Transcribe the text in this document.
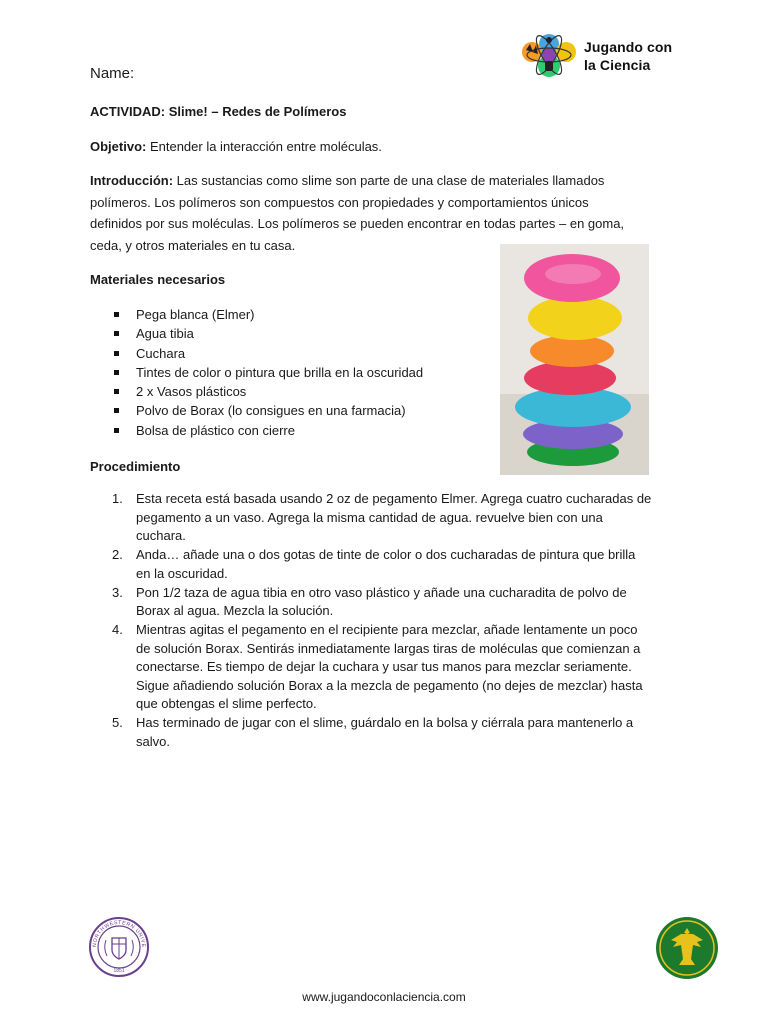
Jugando con
la Ciencia
Name:
ACTIVIDAD: Slime! – Redes de Polímeros
Objetivo: Entender la interacción entre moléculas.
Introducción: Las sustancias como slime son parte de una clase de materiales llamados
polímeros. Los polímeros son compuestos con propiedades y comportamientos únicos
definidos por sus moléculas. Los polímeros se pueden encontrar en todas partes – en goma,
ceda, y otros materiales en tu casa.
Materiales necesarios
Pega blanca (Elmer)
Agua tibia
Cuchara
Tintes de color o pintura que brilla en la oscuridad
2 x Vasos plásticos
Polvo de Borax (lo consigues en una farmacia)
Bolsa de plástico con cierre
Procedimiento
1. Esta receta está basada usando 2 oz de pegamento Elmer. Agrega cuatro cucharadas de
pegamento a un vaso. Agrega la misma cantidad de agua. revuelve bien con una
cuchara.
2. Anda… añade una o dos gotas de tinte de color o dos cucharadas de pintura que brilla
en la oscuridad.
3. Pon 1/2 taza de agua tibia en otro vaso plástico y añade una cucharadita de polvo de
Borax al agua. Mezcla la solución.
4. Mientras agitas el pegamento en el recipiente para mezclar, añade lentamente un poco
de solución Borax. Sentirás inmediatamente largas tiras de moléculas que comienzan a
conectarse. Es tiempo de dejar la cuchara y usar tus manos para mezclar seriamente.
Sigue añadiendo solución Borax a la mezcla de pegamento (no dejes de mezclar) hasta
que obtengas el slime perfecto.
5. Has terminado de jugar con el slime, guárdalo en la bolsa y ciérrala para mantenerlo a
salvo.
NORTHWESTERN UNIVE
1851
www.jugandoconlaciencia.com
